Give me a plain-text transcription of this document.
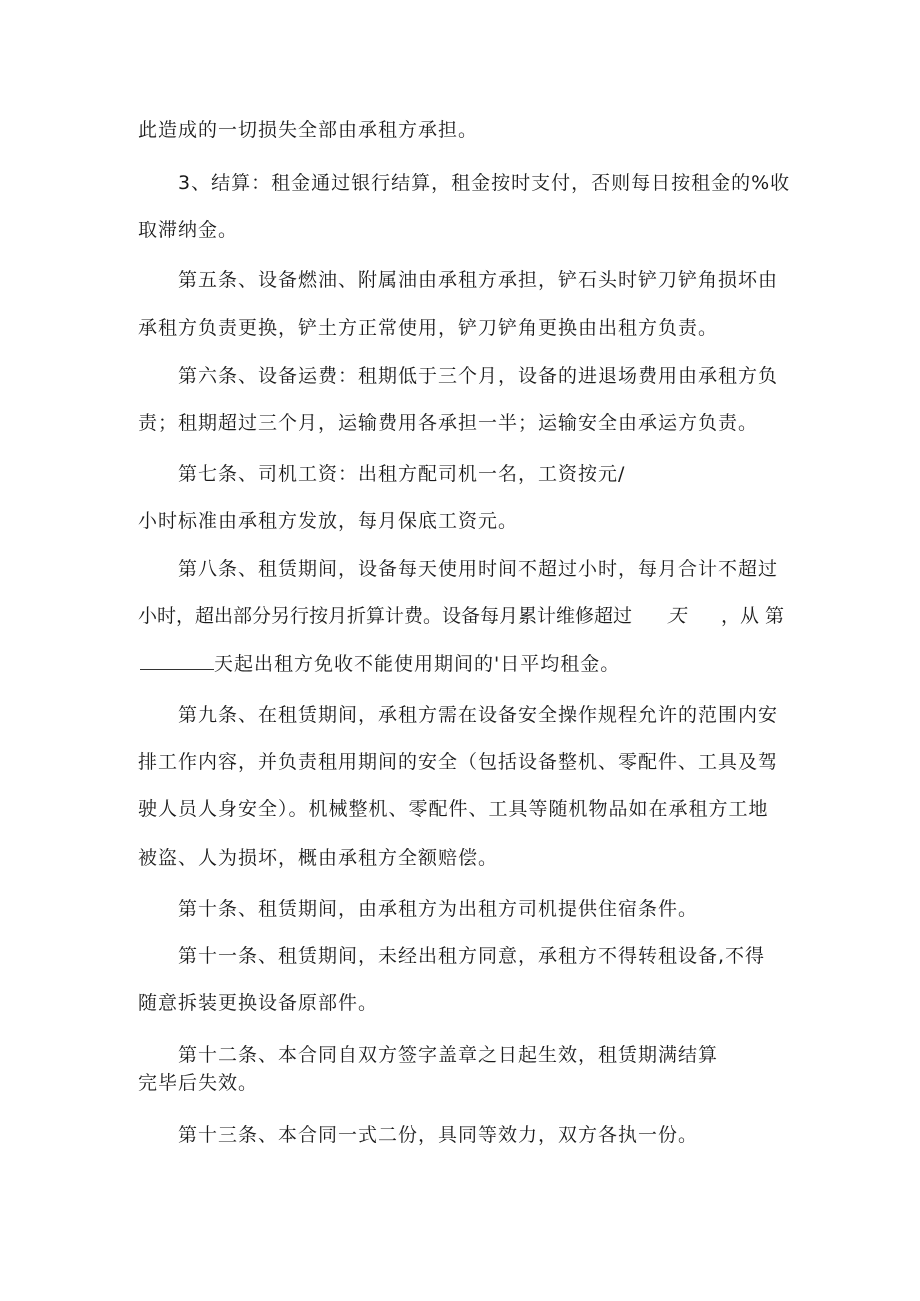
此造成的一切损失全部由承租方承担。
3、结算：租金通过银行结算，租金按时支付，否则每日按租金的%收
取滞纳金。
第五条、设备燃油、附属油由承租方承担，铲石头时铲刀铲角损坏由
承租方负责更换，铲土方正常使用，铲刀铲角更换由出租方负责。
第六条、设备运费：租期低于三个月，设备的进退场费用由承租方负
责；租期超过三个月，运输费用各承担一半；运输安全由承运方负责。
第七条、司机工资：出租方配司机一名，工资按元/
小时标准由承租方发放，每月保底工资元。
第八条、租赁期间，设备每天使用时间不超过小时，每月合计不超过
小时，超出部分另行按月折算计费。设备每月累计维修超过 天 ，从 第
天起出租方免收不能使用期间的'日平均租金。
第九条、在租赁期间，承租方需在设备安全操作规程允许的范围内安
排工作内容，并负责租用期间的安全（包括设备整机、零配件、工具及驾
驶人员人身安全）。机械整机、零配件、工具等随机物品如在承租方工地
被盗、人为损坏，概由承租方全额赔偿。
第十条、租赁期间，由承租方为出租方司机提供住宿条件。
第十一条、租赁期间，未经出租方同意，承租方不得转租设备,不得
随意拆装更换设备原部件。
第十二条、本合同自双方签字盖章之日起生效，租赁期满结算
完毕后失效。
第十三条、本合同一式二份，具同等效力，双方各执一份。
